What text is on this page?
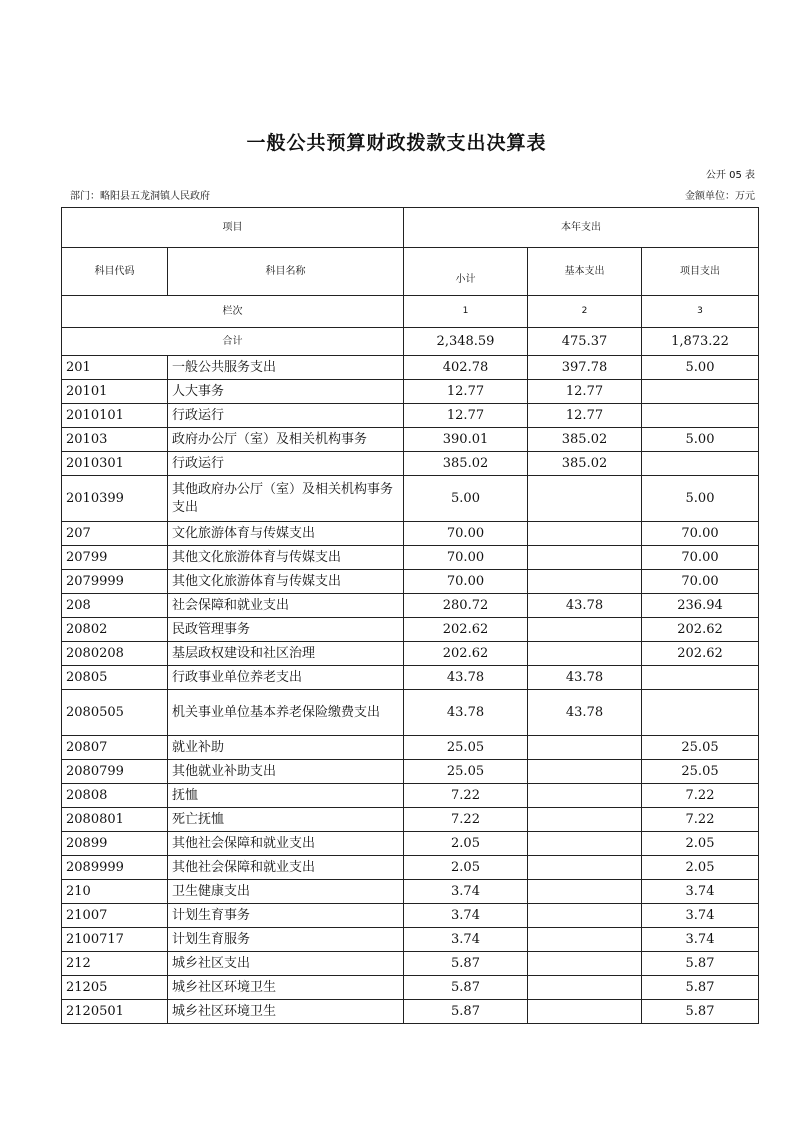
一般公共预算财政拨款支出决算表
公开 05 表
部门：略阳县五龙洞镇人民政府	金额单位：万元
项目		本年支出		
科目代码	科目名称	小计	基本支出	项目支出
栏次		1	2	3
合计		2,348.59	475.37	1,873.22
201	一般公共服务支出	402.78	397.78	5.00
20101	人大事务	12.77	12.77	
2010101	行政运行	12.77	12.77	
20103	政府办公厅（室）及相关机构事务	390.01	385.02	5.00
2010301	行政运行	385.02	385.02	
2010399	其他政府办公厅（室）及相关机构事务支出	5.00		5.00
207	文化旅游体育与传媒支出	70.00		70.00
20799	其他文化旅游体育与传媒支出	70.00		70.00
2079999	其他文化旅游体育与传媒支出	70.00		70.00
208	社会保障和就业支出	280.72	43.78	236.94
20802	民政管理事务	202.62		202.62
2080208	基层政权建设和社区治理	202.62		202.62
20805	行政事业单位养老支出	43.78	43.78	
2080505	机关事业单位基本养老保险缴费支出	43.78	43.78	
20807	就业补助	25.05		25.05
2080799	其他就业补助支出	25.05		25.05
20808	抚恤	7.22		7.22
2080801	死亡抚恤	7.22		7.22
20899	其他社会保障和就业支出	2.05		2.05
2089999	其他社会保障和就业支出	2.05		2.05
210	卫生健康支出	3.74		3.74
21007	计划生育事务	3.74		3.74
2100717	计划生育服务	3.74		3.74
212	城乡社区支出	5.87		5.87
21205	城乡社区环境卫生	5.87		5.87
2120501	城乡社区环境卫生	5.87		5.87
